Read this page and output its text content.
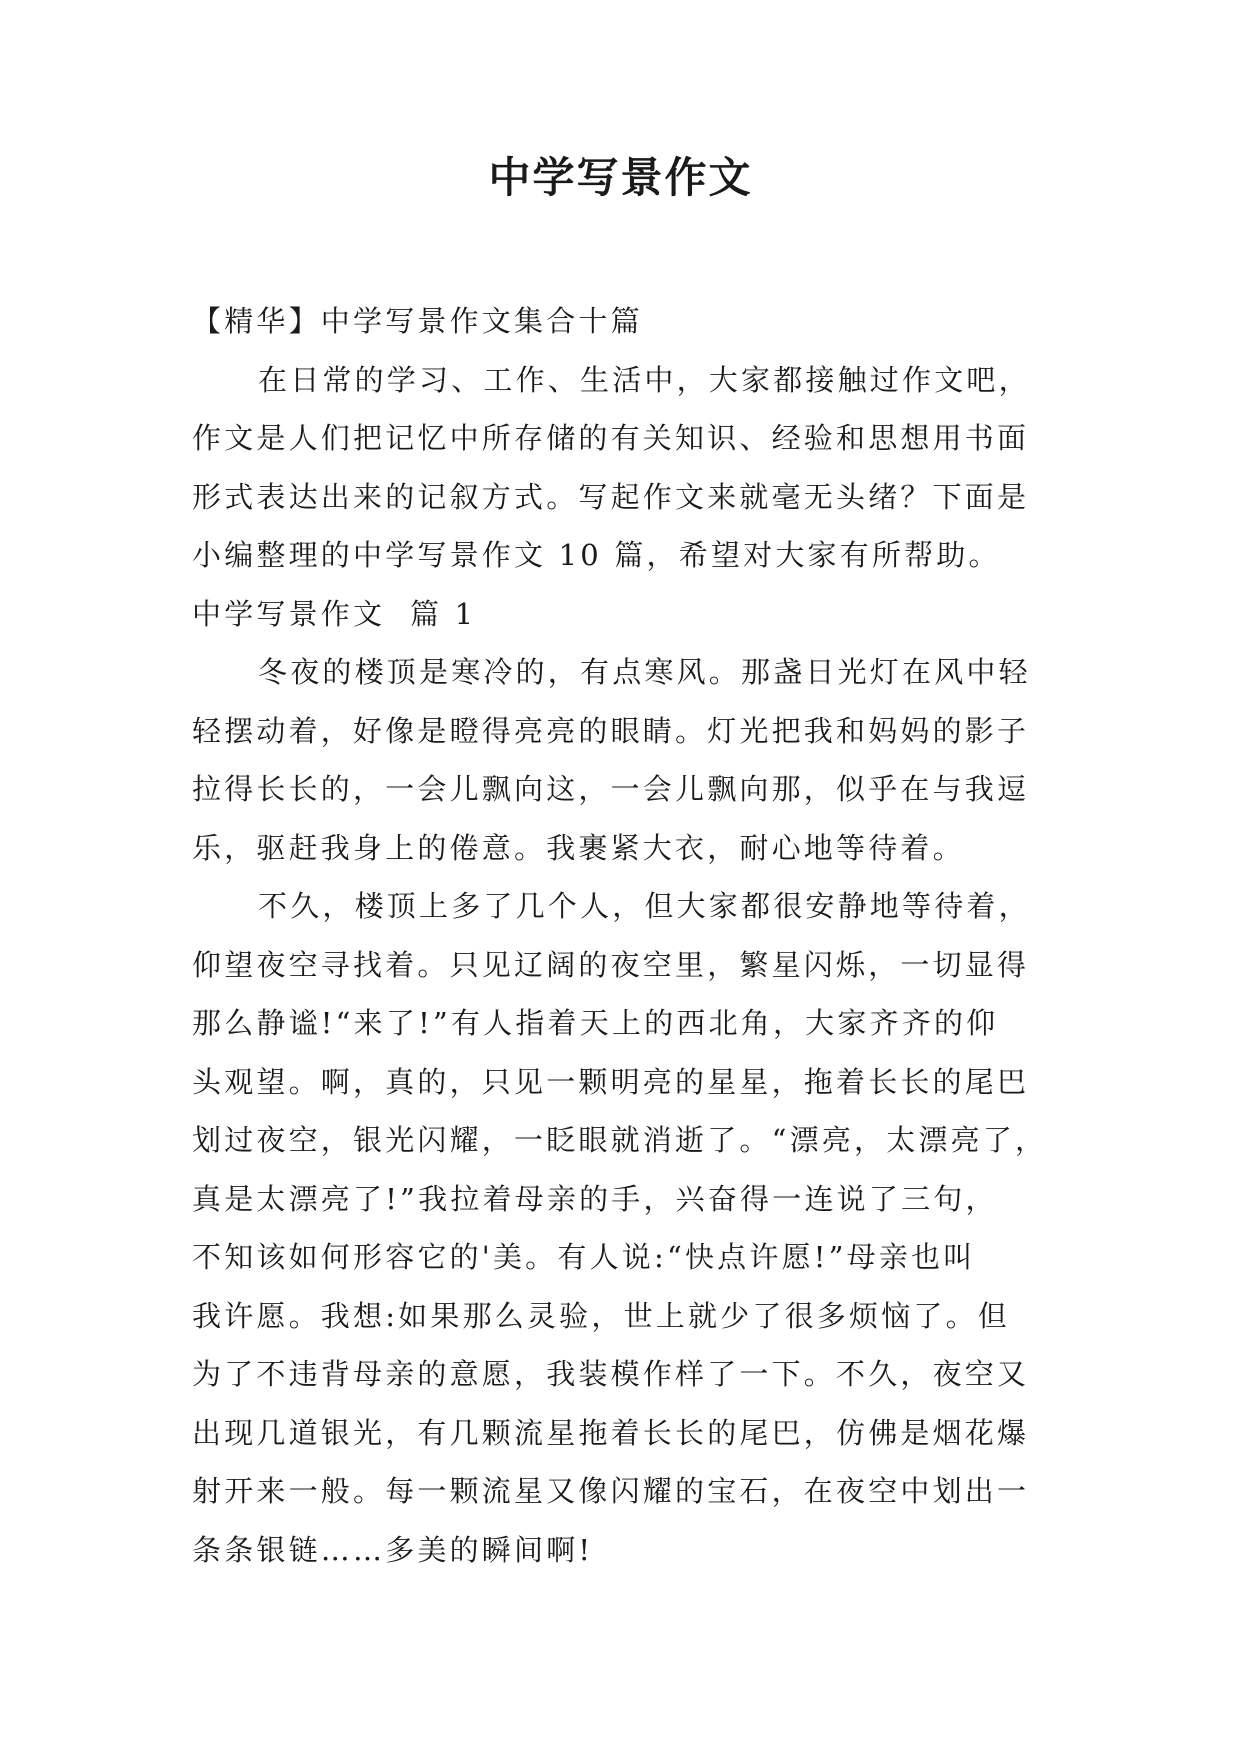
中学写景作文

【精华】中学写景作文集合十篇

在日常的学习、工作、生活中，大家都接触过作文吧，

作文是人们把记忆中所存储的有关知识、经验和思想用书面

形式表达出来的记叙方式。写起作文来就毫无头绪？下面是

小编整理的中学写景作文 10 篇，希望对大家有所帮助。

中学写景作文  篇 1

冬夜的楼顶是寒冷的，有点寒风。那盏日光灯在风中轻

轻摆动着，好像是瞪得亮亮的眼睛。灯光把我和妈妈的影子

拉得长长的，一会儿飘向这，一会儿飘向那，似乎在与我逗

乐，驱赶我身上的倦意。我裹紧大衣，耐心地等待着。

不久，楼顶上多了几个人，但大家都很安静地等待着，

仰望夜空寻找着。只见辽阔的夜空里，繁星闪烁，一切显得

那么静谧!“来了!”有人指着天上的西北角，大家齐齐的仰

头观望。啊，真的，只见一颗明亮的星星，拖着长长的尾巴

划过夜空，银光闪耀，一眨眼就消逝了。“漂亮，太漂亮了，

真是太漂亮了!”我拉着母亲的手，兴奋得一连说了三句，

不知该如何形容它的'美。有人说:“快点许愿!”母亲也叫

我许愿。我想:如果那么灵验，世上就少了很多烦恼了。但

为了不违背母亲的意愿，我装模作样了一下。不久，夜空又

出现几道银光，有几颗流星拖着长长的尾巴，仿佛是烟花爆

射开来一般。每一颗流星又像闪耀的宝石，在夜空中划出一

条条银链……多美的瞬间啊!
